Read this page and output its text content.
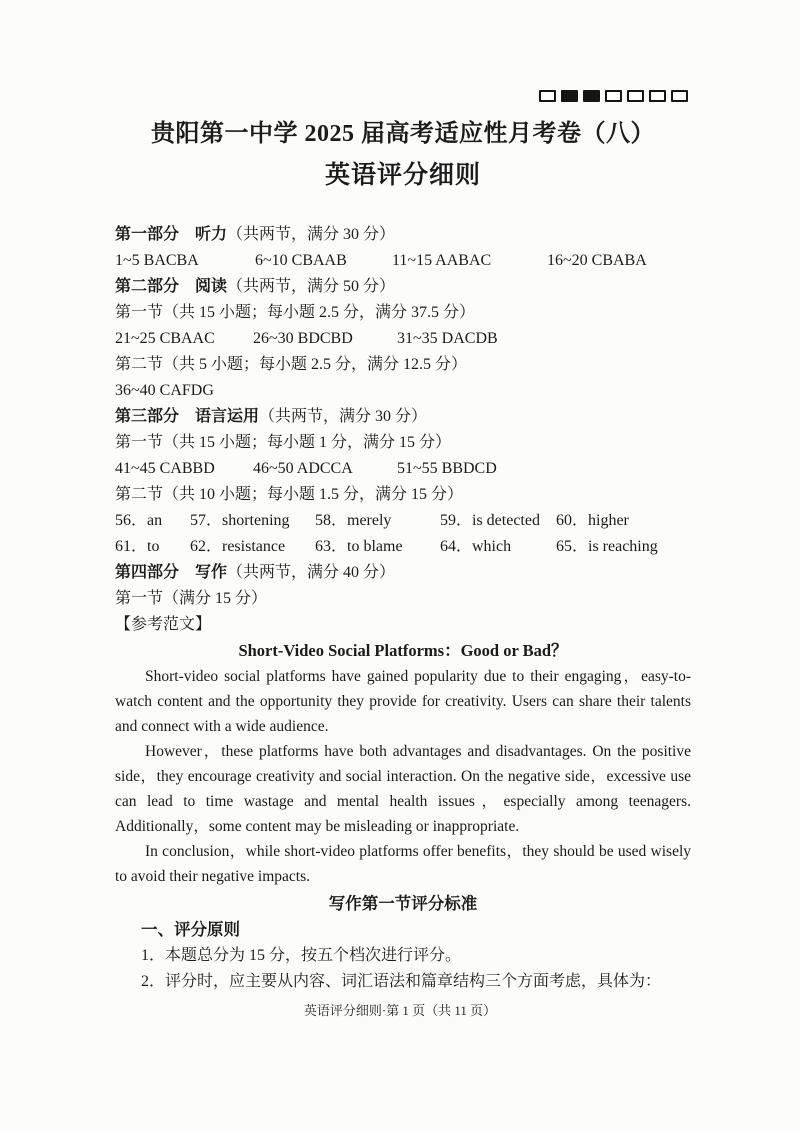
贵阳第一中学 2025 届高考适应性月考卷（八）
英语评分细则
第一部分　听力（共两节，满分 30 分）
1~5 BACBA	6~10 CBAAB	11~15 AABAC	16~20 CBABA
第二部分　阅读（共两节，满分 50 分）
第一节（共 15 小题；每小题 2.5 分，满分 37.5 分）
21~25 CBAAC	26~30 BDCBD	31~35 DACDB
第二节（共 5 小题；每小题 2.5 分，满分 12.5 分）
36~40 CAFDG
第三部分　语言运用（共两节，满分 30 分）
第一节（共 15 小题；每小题 1 分，满分 15 分）
41~45 CABBD	46~50 ADCCA	51~55 BBDCD
第二节（共 10 小题；每小题 1.5 分，满分 15 分）
56．an	57．shortening	58．merely	59．is detected	60．higher
61．to	62．resistance	63．to blame	64．which	65．is reaching
第四部分　写作（共两节，满分 40 分）
第一节（满分 15 分）
【参考范文】
Short-Video Social Platforms：Good or Bad？

Short-video social platforms have gained popularity due to their engaging，easy-to-watch content and the opportunity they provide for creativity. Users can share their talents and connect with a wide audience.

However，these platforms have both advantages and disadvantages. On the positive side，they encourage creativity and social interaction. On the negative side，excessive use can lead to time wastage and mental health issues，especially among teenagers. Additionally，some content may be misleading or inappropriate.

In conclusion，while short-video platforms offer benefits，they should be used wisely to avoid their negative impacts.

写作第一节评分标准
一、评分原则
1．本题总分为 15 分，按五个档次进行评分。
2．评分时，应主要从内容、词汇语法和篇章结构三个方面考虑，具体为：
英语评分细则·第 1 页（共 11 页）
